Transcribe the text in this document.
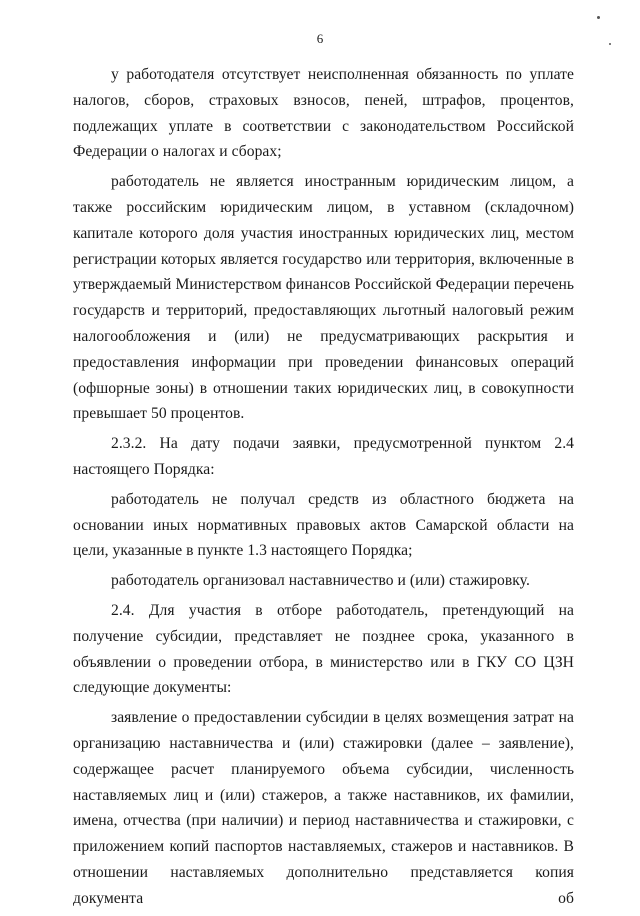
6

у работодателя отсутствует неисполненная обязанность по уплате налогов, сборов, страховых взносов, пеней, штрафов, процентов, подлежащих уплате в соответствии с законодательством Российской Федерации о налогах и сборах;

работодатель не является иностранным юридическим лицом, а также российским юридическим лицом, в уставном (складочном) капитале которого доля участия иностранных юридических лиц, местом регистрации которых является государство или территория, включенные в утверждаемый Министерством финансов Российской Федерации перечень государств и территорий, предоставляющих льготный налоговый режим налогообложения и (или) не предусматривающих раскрытия и предоставления информации при проведении финансовых операций (офшорные зоны) в отношении таких юридических лиц, в совокупности превышает 50 процентов.

2.3.2. На дату подачи заявки, предусмотренной пунктом 2.4 настоящего Порядка:

работодатель не получал средств из областного бюджета на основании иных нормативных правовых актов Самарской области на цели, указанные в пункте 1.3 настоящего Порядка;

работодатель организовал наставничество и (или) стажировку.

2.4. Для участия в отборе работодатель, претендующий на получение субсидии, представляет не позднее срока, указанного в объявлении о проведении отбора, в министерство или в ГКУ СО ЦЗН следующие документы:

заявление о предоставлении субсидии в целях возмещения затрат на организацию наставничества и (или) стажировки (далее – заявление), содержащее расчет планируемого объема субсидии, численность наставляемых лиц и (или) стажеров, а также наставников, их фамилии, имена, отчества (при наличии) и период наставничества и стажировки, с приложением копий паспортов наставляемых, стажеров и наставников. В отношении наставляемых дополнительно представляется копия документа об
